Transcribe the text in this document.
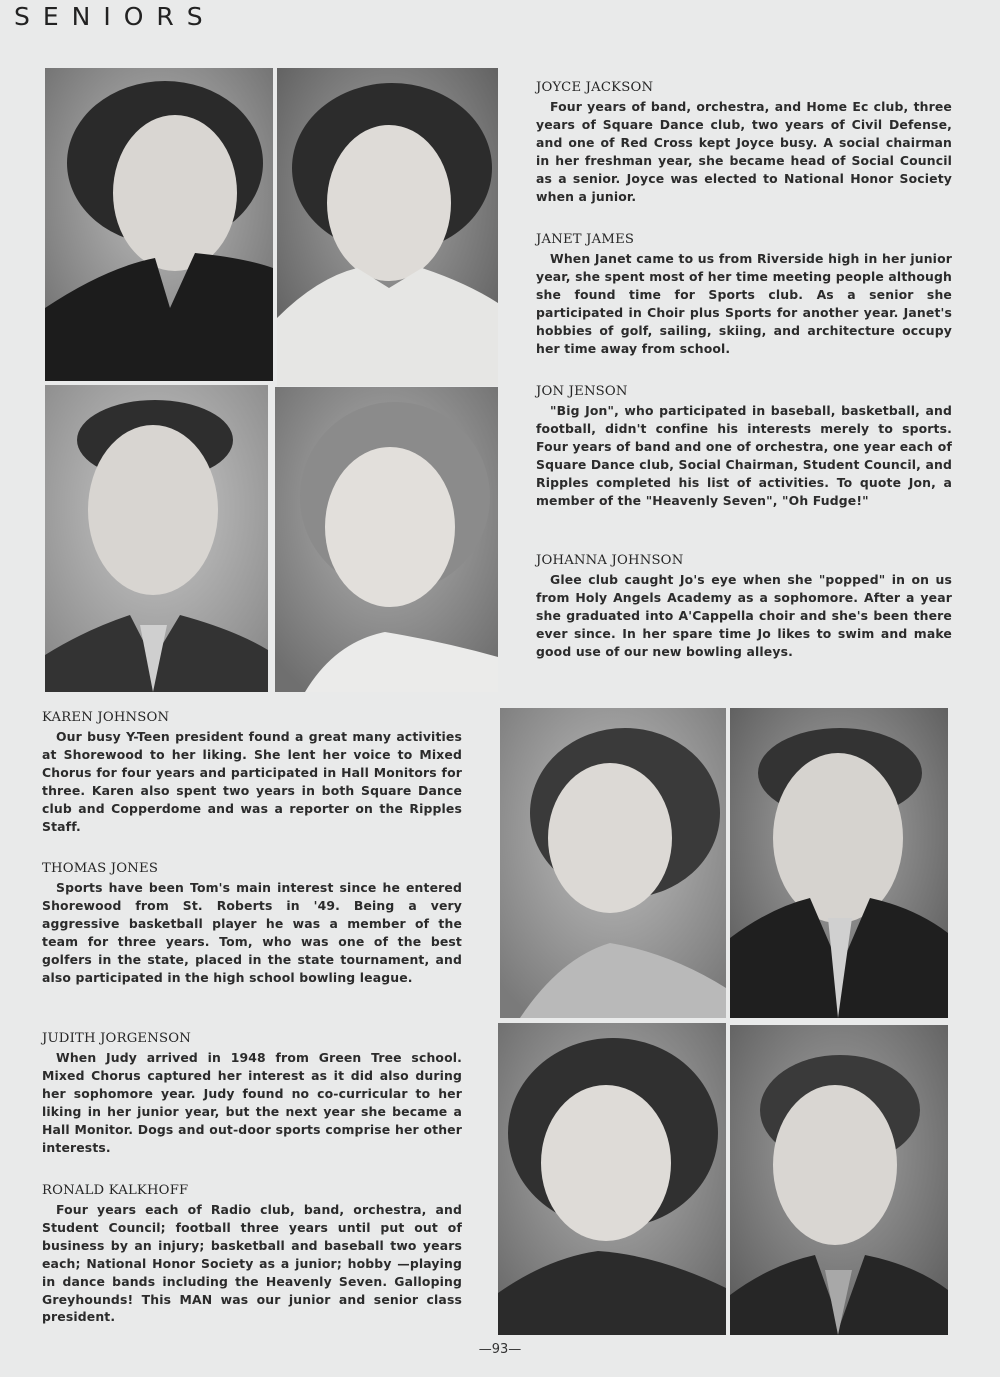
SENIORS

JOYCE JACKSON

Four years of band, orchestra, and Home Ec club, three years of Square Dance club, two years of Civil Defense, and one of Red Cross kept Joyce busy. A social chairman in her freshman year, she became head of Social Council as a senior. Joyce was elected to National Honor Society when a junior.

JANET JAMES

When Janet came to us from Riverside high in her junior year, she spent most of her time meeting people although she found time for Sports club. As a senior she participated in Choir plus Sports for another year. Janet's hobbies of golf, sailing, skiing, and architecture occupy her time away from school.

JON JENSON

"Big Jon", who participated in baseball, basketball, and football, didn't confine his interests merely to sports. Four years of band and one of orchestra, one year each of Square Dance club, Social Chairman, Student Council, and Ripples completed his list of activities. To quote Jon, a member of the "Heavenly Seven", "Oh Fudge!"

JOHANNA JOHNSON

Glee club caught Jo's eye when she "popped" in on us from Holy Angels Academy as a sophomore. After a year she graduated into A'Cappella choir and she's been there ever since. In her spare time Jo likes to swim and make good use of our new bowling alleys.

KAREN JOHNSON

Our busy Y-Teen president found a great many activities at Shorewood to her liking. She lent her voice to Mixed Chorus for four years and participated in Hall Monitors for three. Karen also spent two years in both Square Dance club and Copperdome and was a reporter on the Ripples Staff.

THOMAS JONES

Sports have been Tom's main interest since he entered Shorewood from St. Roberts in '49. Being a very aggressive basketball player he was a member of the team for three years. Tom, who was one of the best golfers in the state, placed in the state tournament, and also participated in the high school bowling league.

JUDITH JORGENSON

When Judy arrived in 1948 from Green Tree school. Mixed Chorus captured her interest as it did also during her sophomore year. Judy found no co-curricular to her liking in her junior year, but the next year she became a Hall Monitor. Dogs and out-door sports comprise her other interests.

RONALD KALKHOFF

Four years each of Radio club, band, orchestra, and Student Council; football three years until put out of business by an injury; basketball and baseball two years each; National Honor Society as a junior; hobby —playing in dance bands including the Heavenly Seven. Galloping Greyhounds! This MAN was our junior and senior class president.

—93—
